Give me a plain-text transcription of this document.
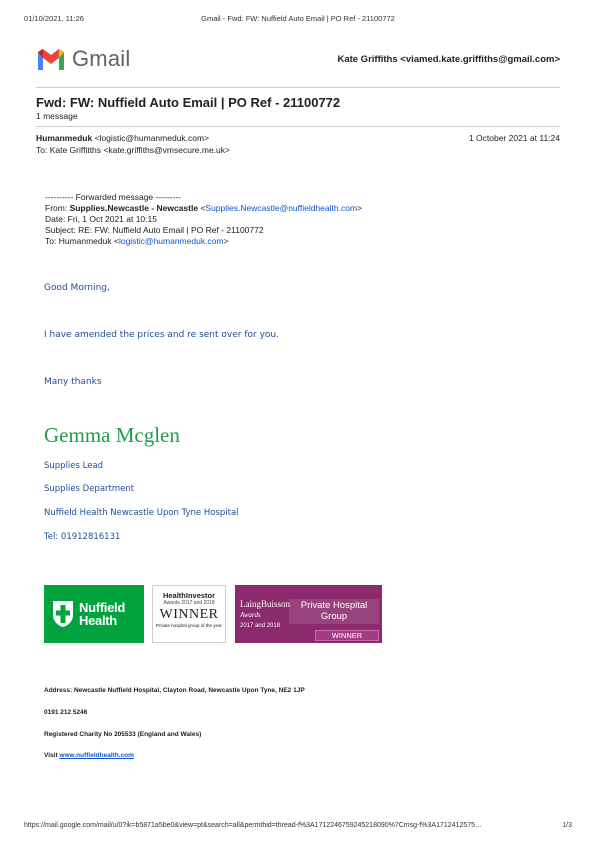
01/10/2021, 11:26	Gmail - Fwd: FW: Nuffield Auto Email | PO Ref - 21100772
Gmail	Kate Griffiths <viamed.kate.griffiths@gmail.com>
Fwd: FW: Nuffield Auto Email | PO Ref - 21100772
1 message
Humanmeduk <logistic@humanmeduk.com>	1 October 2021 at 11:24
To: Kate Griffitths <kate.griffiths@vmsecure.me.uk>
---------- Forwarded message ---------
From: Supplies.Newcastle - Newcastle <Supplies.Newcastle@nuffieldhealth.com>
Date: Fri, 1 Oct 2021 at 10:15
Subject: RE: FW: Nuffield Auto Email | PO Ref - 21100772
To: Humanmeduk <logistic@humanmeduk.com>
Good Morning,
I have amended the prices and re sent over for you.
Many thanks
Gemma Mcglen
Supplies Lead
Supplies Department
Nuffield Health Newcastle Upon Tyne Hospital
Tel: 01912816131
Nuffield
Health
HealthInvestor
Awards 2017 and 2018
WINNER
Private hospital group of the year
LaingBuisson
Awards
2017 and 2018
Private Hospital Group
WINNER
Address: Newcastle Nuffield Hospital, Clayton Road, Newcastle Upon Tyne, NE2 1JP
0191 212 5246
Registered Charity No 205533 (England and Wales)
Visit www.nuffieldhealth.com
https://mail.google.com/mail/u/0?ik=b5871a5be0&view=pt&search=all&permthid=thread-f%3A1712246759245218090%7Cmsg-f%3A1712412575…	1/3
